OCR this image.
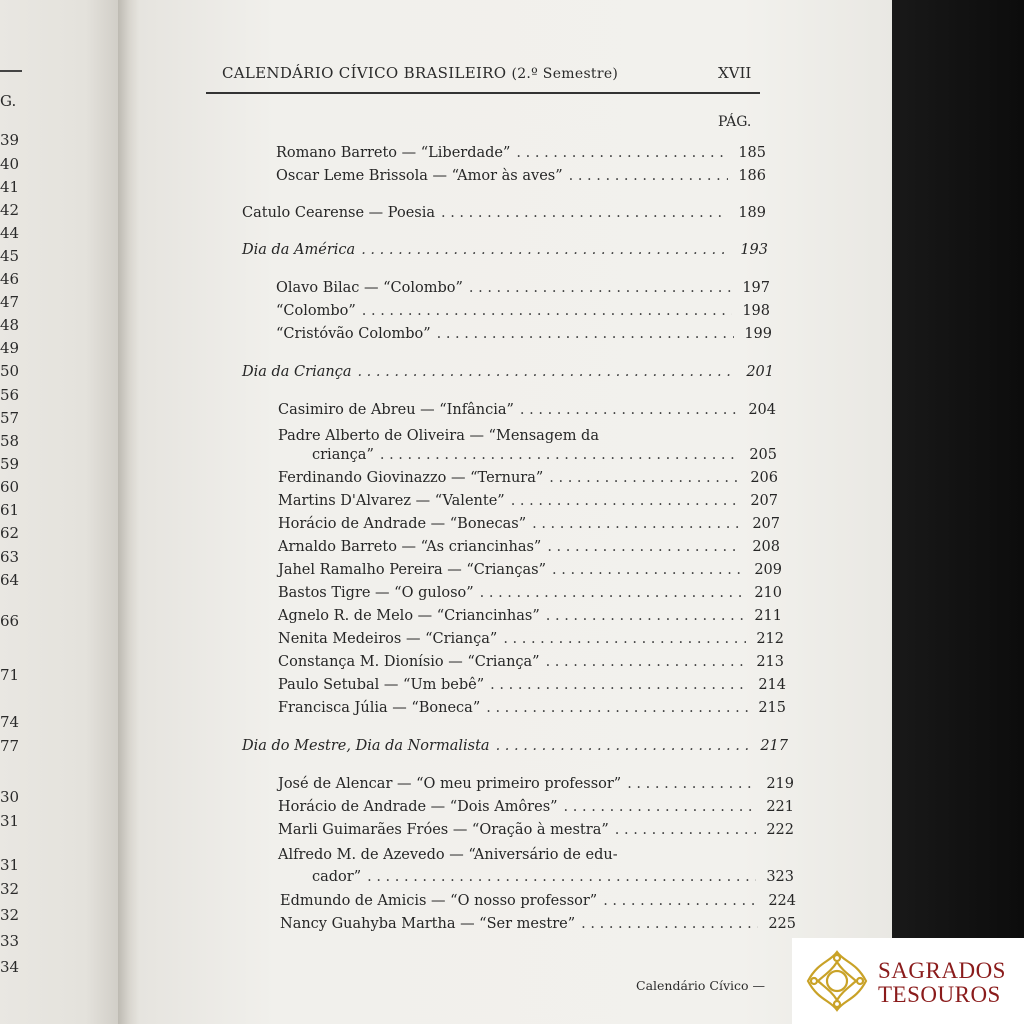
G.
39
40
41
42
44
45
46
47
48
49
50
56
57
58
59
60
61
62
63
64
66
71
74
77
30
31
31
32
32
33
34
CALENDÁRIO CÍVICO BRASILEIRO (2.º Semestre)	XVII
PÁG.
Romano Barreto — “Liberdade” . . .	185
Oscar Leme Brissola — “Amor às aves” . . .	186
Catulo Cearense — Poesia . . .	189
Dia da América . . .	193
Olavo Bilac — “Colombo” . . .	197
“Colombo” . . .	198
“Cristóvão Colombo” . . .	199
Dia da Criança . . .	201
Casimiro de Abreu — “Infância” . . .	204
Padre Alberto de Oliveira — “Mensagem da
criança” . . .	205
Ferdinando Giovinazzo — “Ternura” . . .	206
Martins D'Alvarez — “Valente” . . .	207
Horácio de Andrade — “Bonecas” . . .	207
Arnaldo Barreto — “As criancinhas” . . .	208
Jahel Ramalho Pereira — “Crianças” . . .	209
Bastos Tigre — “O guloso” . . .	210
Agnelo R. de Melo — “Criancinhas” . . .	211
Nenita Medeiros — “Criança” . . .	212
Constança M. Dionísio — “Criança” . . .	213
Paulo Setubal — “Um bebê” . . .	214
Francisca Júlia — “Boneca” . . .	215
Dia do Mestre, Dia da Normalista . . .	217
José de Alencar — “O meu primeiro professor” . . .	219
Horácio de Andrade — “Dois Amôres” . . .	221
Marli Guimarães Fróes — “Oração à mestra” . . .	222
Alfredo M. de Azevedo — “Aniversário de edu-
cador” . . .	323
Edmundo de Amicis — “O nosso professor” . . .	224
Nancy Guahyba Martha — “Ser mestre” . . .	225
Calendário Cívico —
SAGRADOS
TESOUROS
